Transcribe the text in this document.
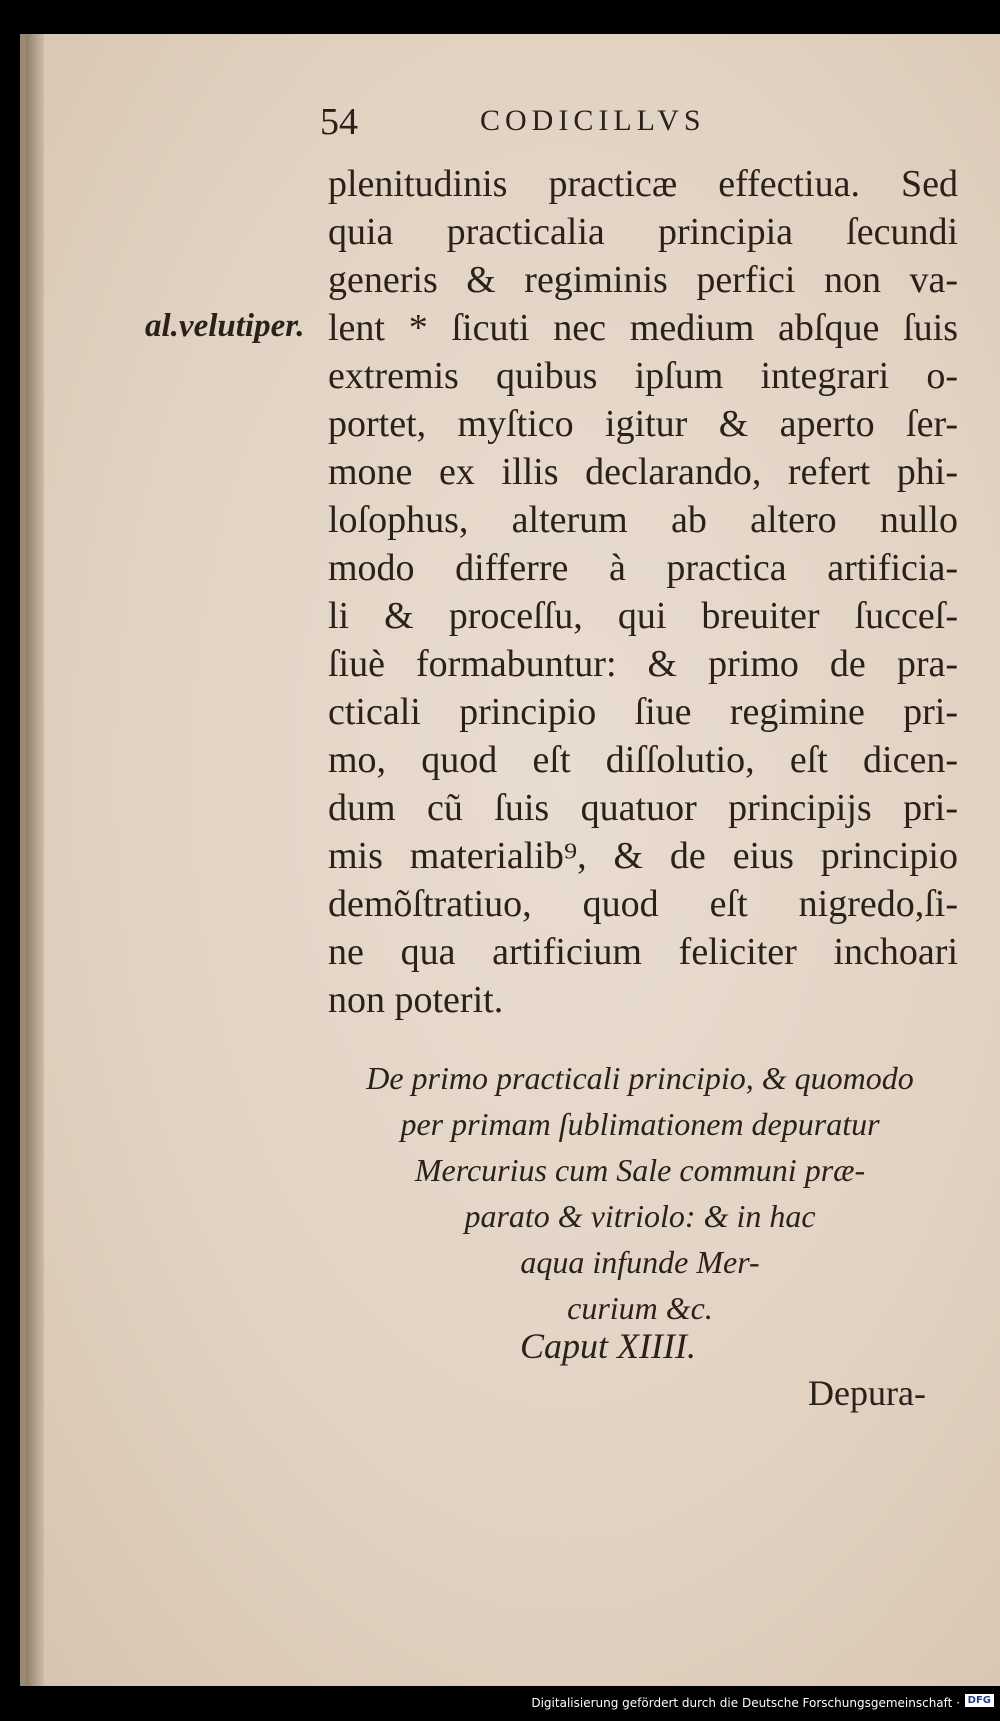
54	CODICILLVS
al.velutiper.
plenitudinis practicæ effectiua. Sed
quia practicalia principia ſecundi
generis & regiminis perfici non va-
lent * ſicuti nec medium abſque ſuis
extremis quibus ipſum integrari o-
portet, myſtico igitur & aperto ſer-
mone ex illis declarando, refert phi-
loſophus, alterum ab altero nullo
modo differre à practica artificia-
li & proceſſu, qui breuiter ſucceſ-
ſiuè formabuntur: & primo de pra-
cticali principio ſiue regimine pri-
mo, quod eſt diſſolutio, eſt dicen-
dum cũ ſuis quatuor principijs pri-
mis materialib⁹, & de eius principio
demõſtratiuo, quod eſt nigredo,ſi-
ne qua artificium feliciter inchoari
non poterit.
De primo practicali principio, & quomodo
per primam ſublimationem depuratur
Mercurius cum Sale communi præ-
parato & vitriolo: & in hac
aqua infunde Mer-
curium &c.
Caput XIIII.
Depura-
Digitalisierung gefördert durch die Deutsche Forschungsgemeinschaft · DFG
